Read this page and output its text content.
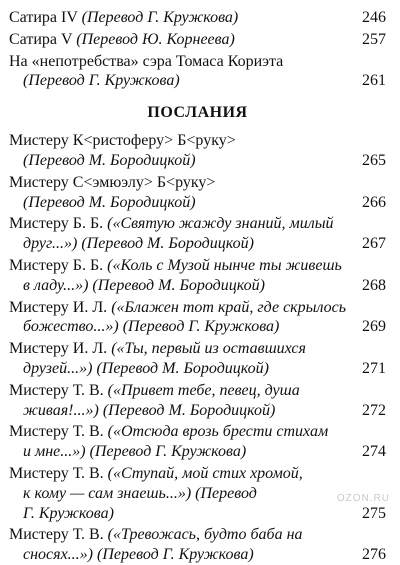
Сатира IV (Перевод Г. Кружкова)	246
Сатира V (Перевод Ю. Корнеева)	257
На «непотребства» сэра Томаса Кориэта
(Перевод Г. Кружкова)	261
ПОСЛАНИЯ
Мистеру К<ристоферу> Б<руку>
(Перевод М. Бородицкой)	265
Мистеру С<эмюэлу> Б<руку>
(Перевод М. Бородицкой)	266
Мистеру Б. Б. («Святую жажду знаний, милый
друг...») (Перевод М. Бородицкой)	267
Мистеру Б. Б. («Коль с Музой нынче ты живешь
в ладу...») (Перевод М. Бородицкой)	268
Мистеру И. Л. («Блажен тот край, где скрылось
божество...») (Перевод Г. Кружкова)	269
Мистеру И. Л. («Ты, первый из оставшихся
друзей...») (Перевод М. Бородицкой)	271
Мистеру Т. В. («Привет тебе, певец, душа
живая!...») (Перевод М. Бородицкой)	272
Мистеру Т. В. («Отсюда врозь брести стихам
и мне...») (Перевод Г. Кружкова)	274
Мистеру Т. В. («Ступай, мой стих хромой,
к кому — сам знаешь...») (Перевод
Г. Кружкова)	275
Мистеру Т. В. («Тревожась, будто баба на
сносях...») (Перевод Г. Кружкова)	276
OZON.RU
